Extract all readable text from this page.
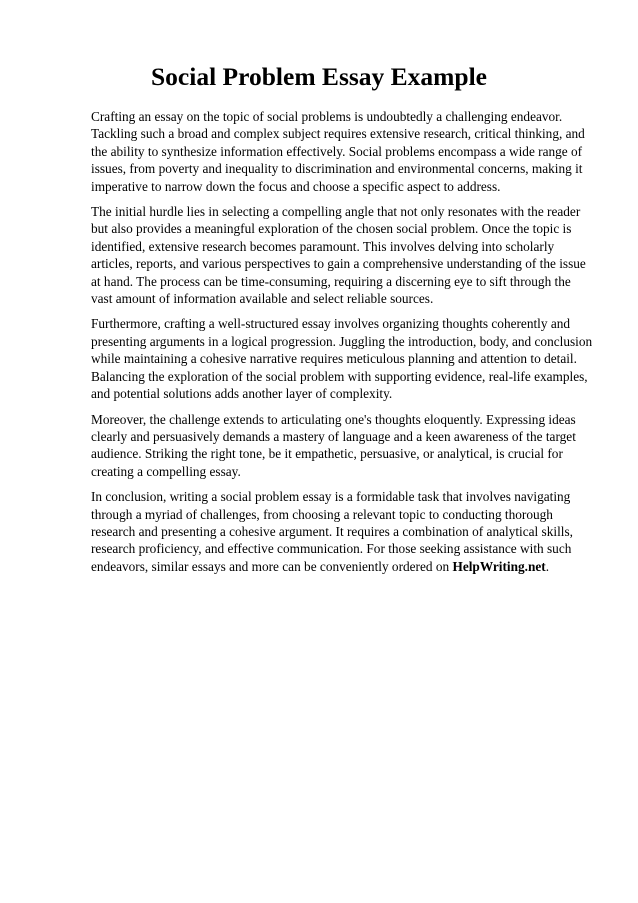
Social Problem Essay Example

Crafting an essay on the topic of social problems is undoubtedly a challenging endeavor. Tackling such a broad and complex subject requires extensive research, critical thinking, and the ability to synthesize information effectively. Social problems encompass a wide range of issues, from poverty and inequality to discrimination and environmental concerns, making it imperative to narrow down the focus and choose a specific aspect to address.

The initial hurdle lies in selecting a compelling angle that not only resonates with the reader but also provides a meaningful exploration of the chosen social problem. Once the topic is identified, extensive research becomes paramount. This involves delving into scholarly articles, reports, and various perspectives to gain a comprehensive understanding of the issue at hand. The process can be time-consuming, requiring a discerning eye to sift through the vast amount of information available and select reliable sources.

Furthermore, crafting a well-structured essay involves organizing thoughts coherently and presenting arguments in a logical progression. Juggling the introduction, body, and conclusion while maintaining a cohesive narrative requires meticulous planning and attention to detail. Balancing the exploration of the social problem with supporting evidence, real-life examples, and potential solutions adds another layer of complexity.

Moreover, the challenge extends to articulating one's thoughts eloquently. Expressing ideas clearly and persuasively demands a mastery of language and a keen awareness of the target audience. Striking the right tone, be it empathetic, persuasive, or analytical, is crucial for creating a compelling essay.

In conclusion, writing a social problem essay is a formidable task that involves navigating through a myriad of challenges, from choosing a relevant topic to conducting thorough research and presenting a cohesive argument. It requires a combination of analytical skills, research proficiency, and effective communication. For those seeking assistance with such endeavors, similar essays and more can be conveniently ordered on HelpWriting.net.
